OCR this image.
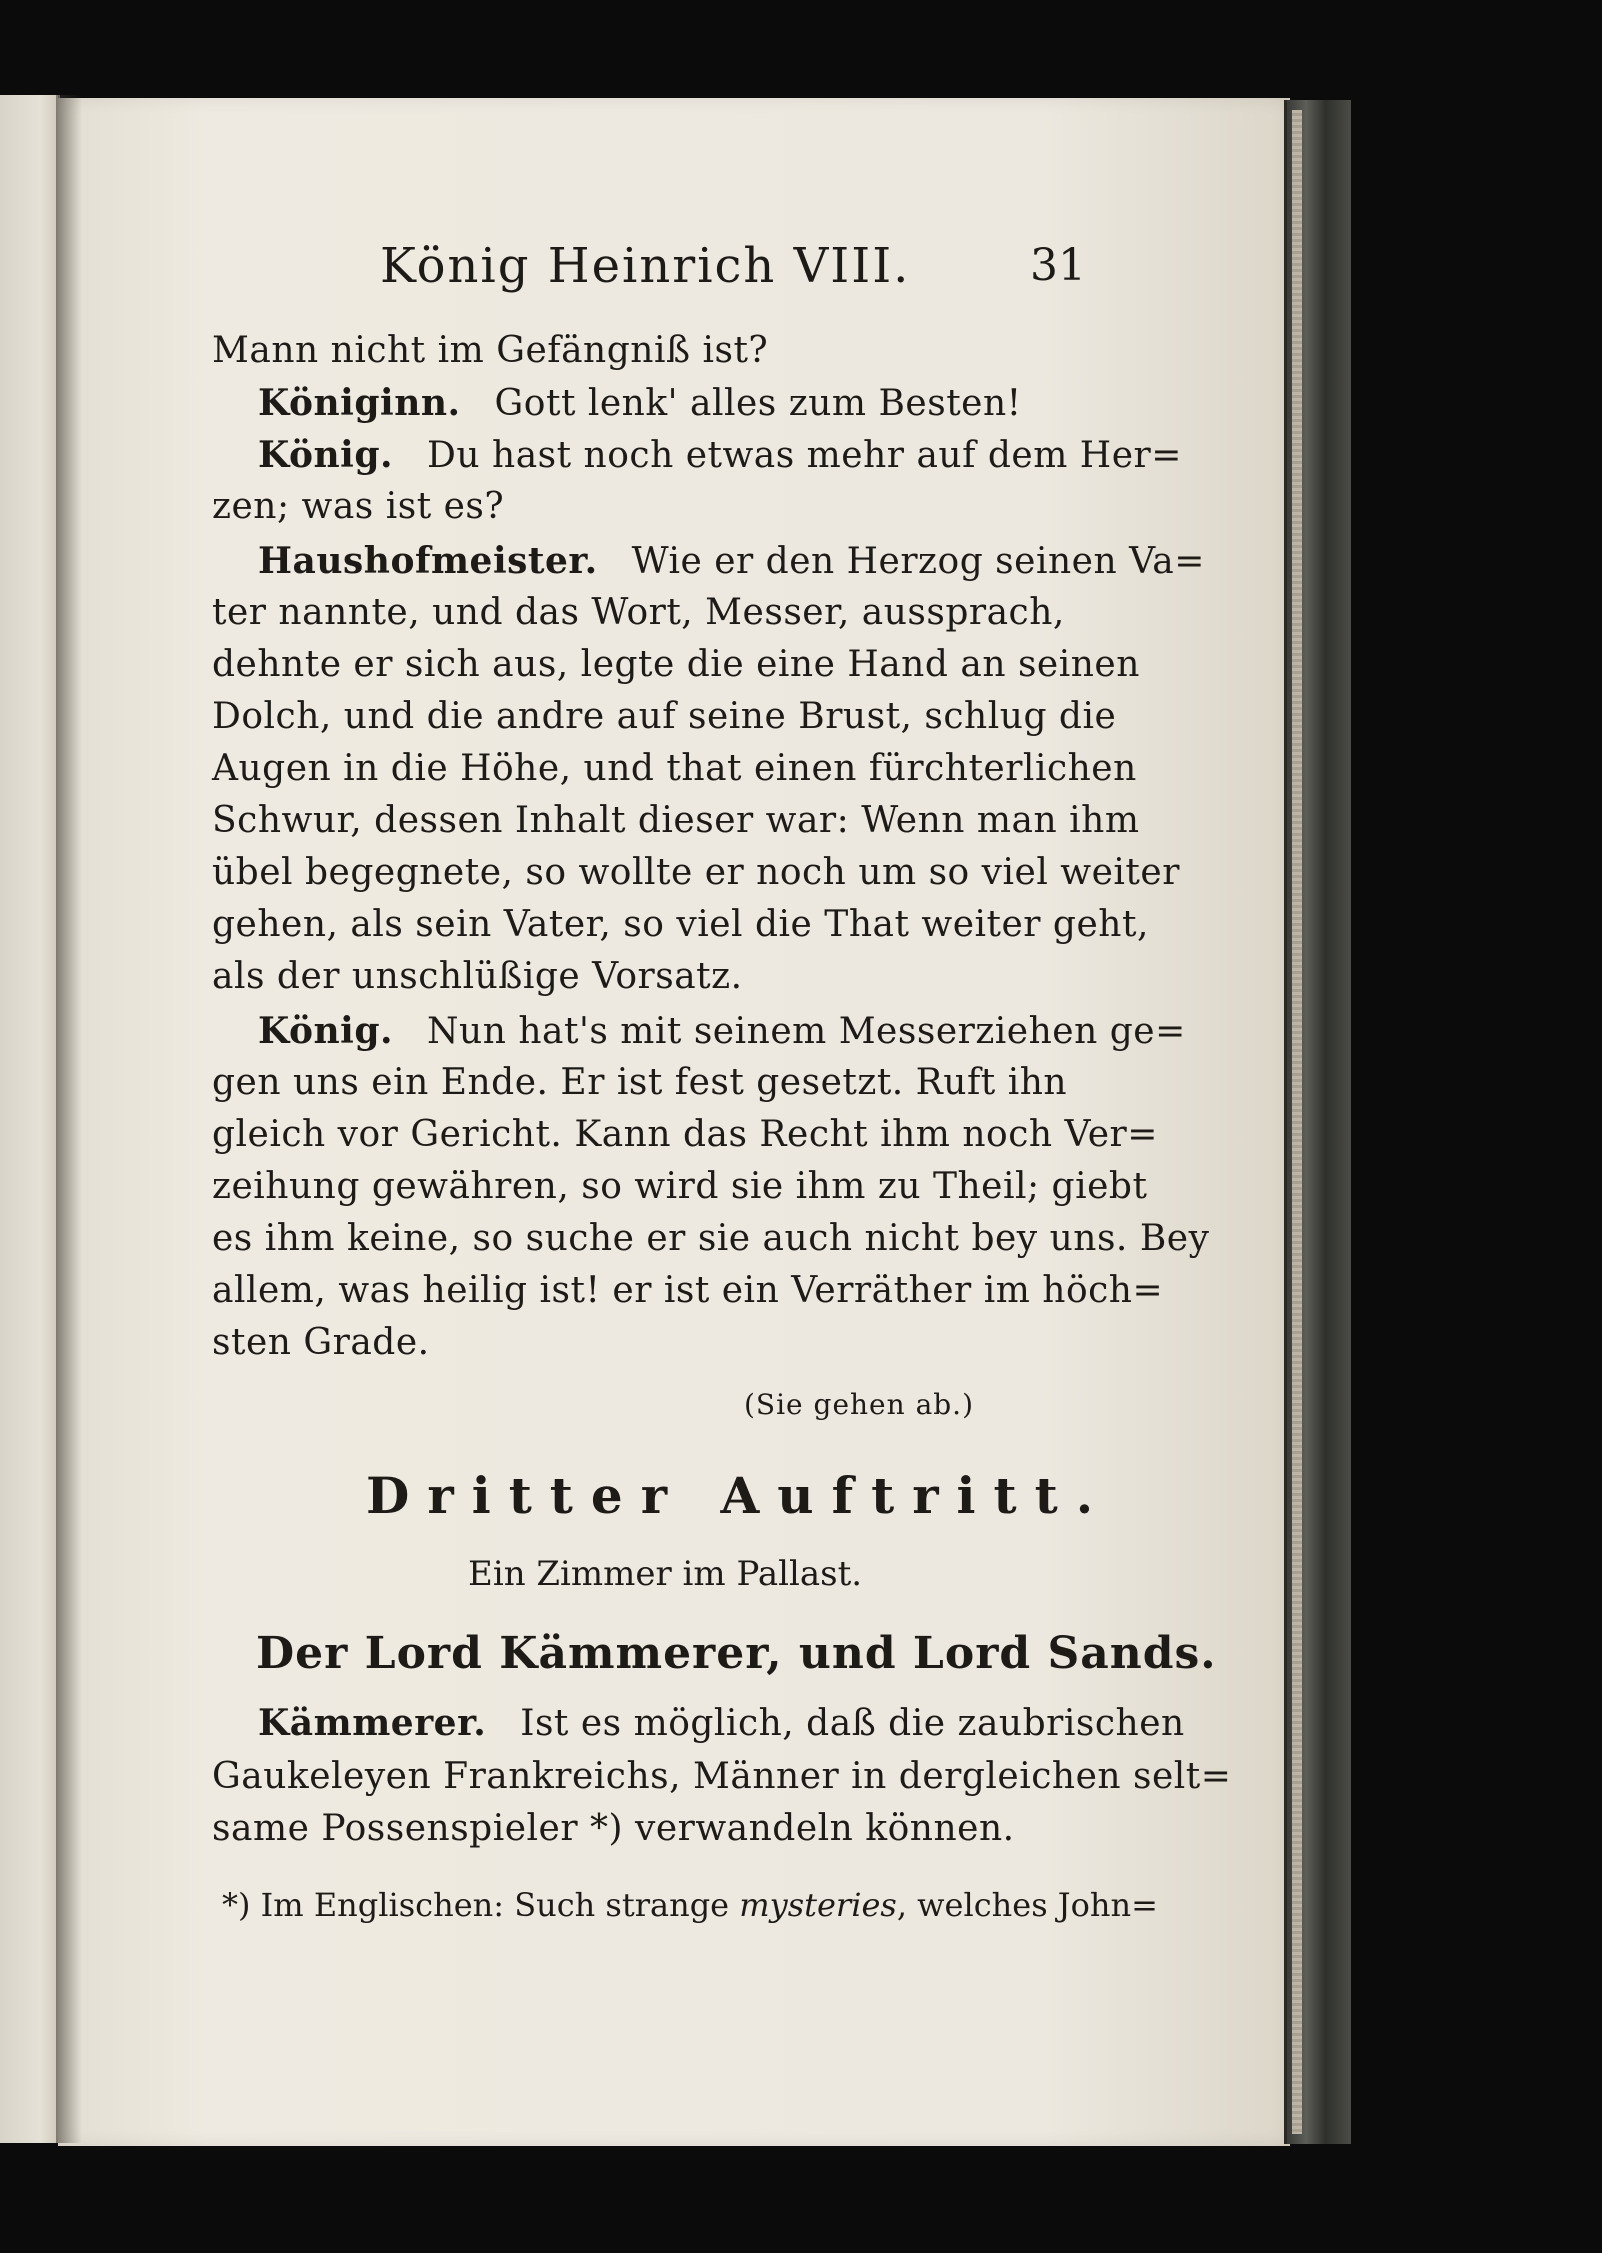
König Heinrich VIII.	31
Mann nicht im Gefängniß ist?
Königinn. Gott lenk' alles zum Besten!
König. Du hast noch etwas mehr auf dem Her=
zen; was ist es?
Haushofmeister. Wie er den Herzog seinen Va=
ter nannte, und das Wort, Messer, aussprach,
dehnte er sich aus, legte die eine Hand an seinen
Dolch, und die andre auf seine Brust, schlug die
Augen in die Höhe, und that einen fürchterlichen
Schwur, dessen Inhalt dieser war: Wenn man ihm
übel begegnete, so wollte er noch um so viel weiter
gehen, als sein Vater, so viel die That weiter geht,
als der unschlüßige Vorsatz.
König. Nun hat's mit seinem Messerziehen ge=
gen uns ein Ende. Er ist fest gesetzt. Ruft ihn
gleich vor Gericht. Kann das Recht ihm noch Ver=
zeihung gewähren, so wird sie ihm zu Theil; giebt
es ihm keine, so suche er sie auch nicht bey uns. Bey
allem, was heilig ist! er ist ein Verräther im höch=
sten Grade.
(Sie gehen ab.)
Dritter Auftritt.
Ein Zimmer im Pallast.
Der Lord Kämmerer, und Lord Sands.
Kämmerer. Ist es möglich, daß die zaubrischen
Gaukeleyen Frankreichs, Männer in dergleichen selt=
same Possenspieler *) verwandeln können.
*) Im Englischen: Such strange mysteries, welches John=
